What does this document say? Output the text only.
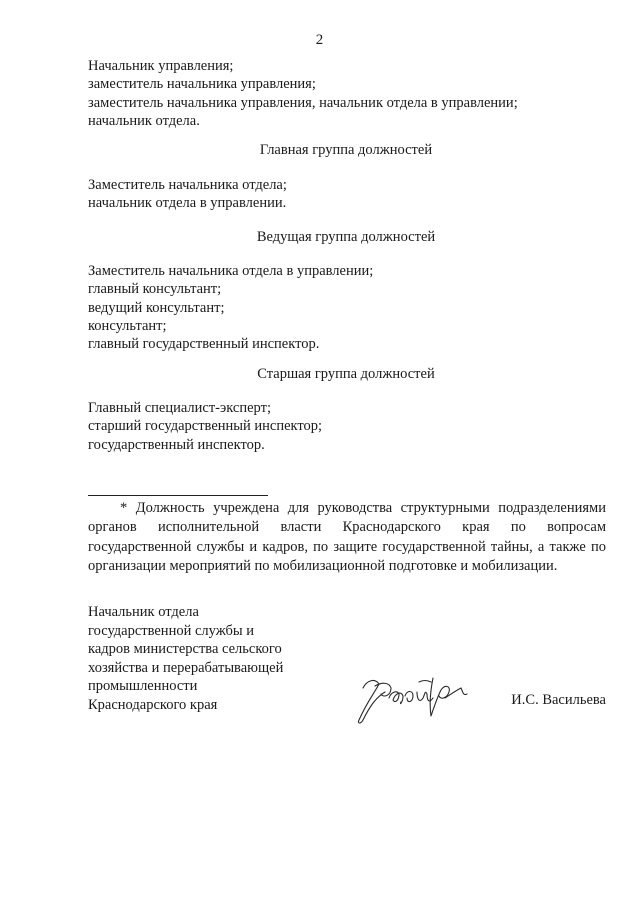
2
Начальник управления;
заместитель начальника управления;
заместитель начальника управления, начальник отдела в управлении;
начальник отдела.
Главная группа должностей
Заместитель начальника отдела;
начальник отдела в управлении.
Ведущая группа должностей
Заместитель начальника отдела в управлении;
главный консультант;
ведущий консультант;
консультант;
главный государственный инспектор.
Старшая группа должностей
Главный специалист-эксперт;
старший государственный инспектор;
государственный инспектор.
* Должность учреждена для руководства структурными подразделениями органов исполнительной власти Краснодарского края по вопросам государственной службы и кадров, по защите государственной тайны, а также по организации мероприятий по мобилизационной подготовке и мобилизации.
Начальник отдела
государственной службы и
кадров министерства сельского
хозяйства и перерабатывающей
промышленности
Краснодарского края	И.С. Васильева
